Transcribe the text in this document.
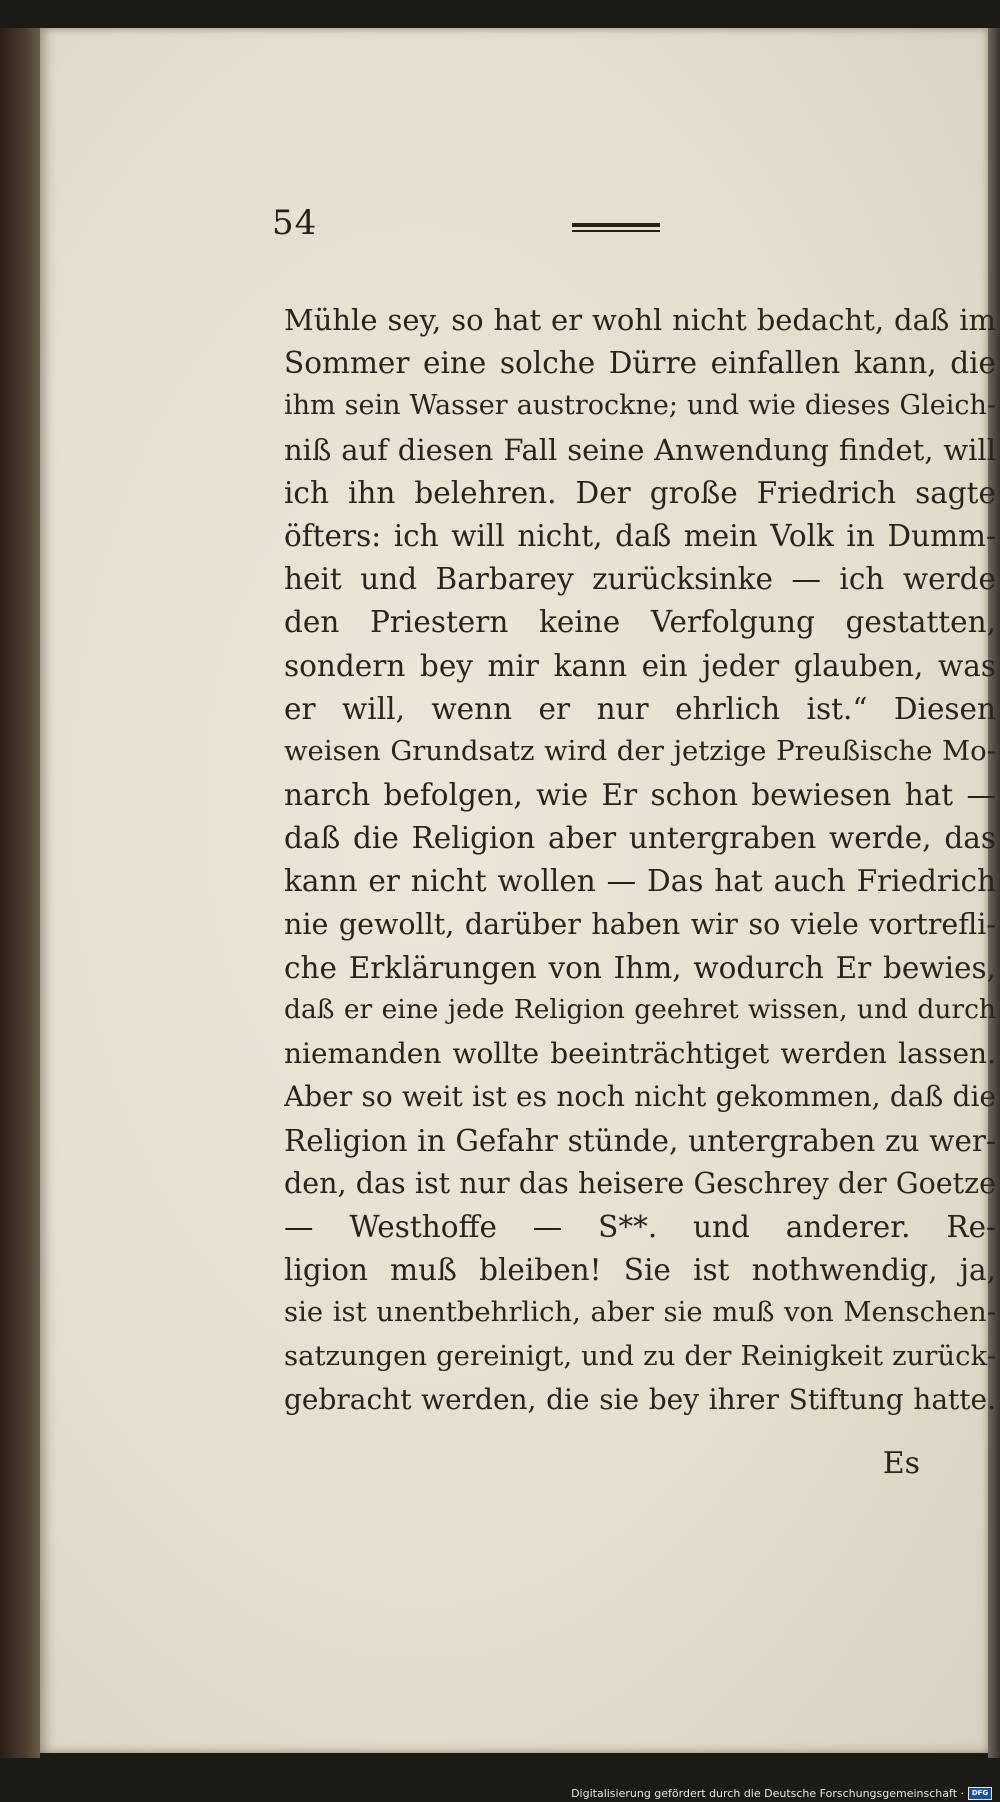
54
Mühle sey, so hat er wohl nicht bedacht, daß im
Sommer eine solche Dürre einfallen kann, die
ihm sein Wasser austrockne; und wie dieses Gleich-
niß auf diesen Fall seine Anwendung findet, will
ich ihn belehren. Der große Friedrich sagte
öfters: ich will nicht, daß mein Volk in Dumm-
heit und Barbarey zurücksinke — ich werde
den Priestern keine Verfolgung gestatten,
sondern bey mir kann ein jeder glauben, was
er will, wenn er nur ehrlich ist.“ Diesen
weisen Grundsatz wird der jetzige Preußische Mo-
narch befolgen, wie Er schon bewiesen hat —
daß die Religion aber untergraben werde, das
kann er nicht wollen — Das hat auch Friedrich
nie gewollt, darüber haben wir so viele vortrefli-
che Erklärungen von Ihm, wodurch Er bewies,
daß er eine jede Religion geehret wissen, und durch
niemanden wollte beeinträchtiget werden lassen.
Aber so weit ist es noch nicht gekommen, daß die
Religion in Gefahr stünde, untergraben zu wer-
den, das ist nur das heisere Geschrey der Goetze
— Westhoffe — S**. und anderer. Re-
ligion muß bleiben! Sie ist nothwendig, ja,
sie ist unentbehrlich, aber sie muß von Menschen-
satzungen gereinigt, und zu der Reinigkeit zurück-
gebracht werden, die sie bey ihrer Stiftung hatte.
Es
Digitalisierung gefördert durch die Deutsche Forschungsgemeinschaft ·	DFG
